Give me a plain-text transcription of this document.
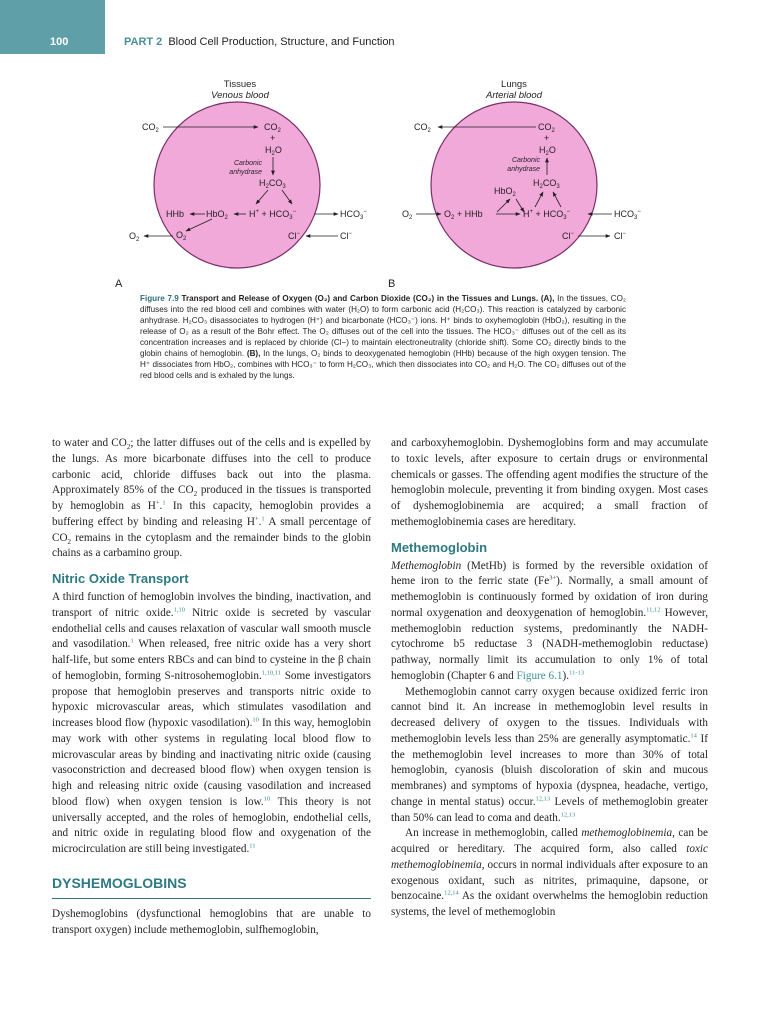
100	PART 2 Blood Cell Production, Structure, and Function
Tissues
Venous blood
$CO_2$	$CO_2$
+
$H_2O$
Carbonic
anhydrase
$H_2CO_3$
HHb HbO$_2$ $H^+ + HCO_3^-$	$HCO_3^-$
$O_2$
$O_2$	Cl−	Cl−
A
Lungs
Arterial blood
$CO_2$	$CO_2$
+
$H_2O$
Carbonic
anhydrase
$H_2CO_3$
HbO$_2$
$O_2$	$O_2$ + HHb	$H^+ + HCO_3^-$	$HCO_3^-$
Cl−	Cl−
B
Figure 7.9 Transport and Release of Oxygen (O₂) and Carbon Dioxide (CO₂) in the Tissues and Lungs. (A), In the tissues, CO₂ diffuses into the red blood cell and combines with water (H₂O) to form carbonic acid (H₂CO₃). This reaction is catalyzed by carbonic anhydrase. H₂CO₃ disassociates to hydrogen (H⁺) and bicarbonate (HCO₃⁻) ions. H⁺ binds to oxyhemoglobin (HbO₂), resulting in the release of O₂ as a result of the Bohr effect. The O₂ diffuses out of the cell into the tissues. The HCO₃⁻ diffuses out of the cell as its concentration increases and is replaced by chloride (Cl−) to maintain electroneutrality (chloride shift). Some CO₂ directly binds to the globin chains of hemoglobin. (B), In the lungs, O₂ binds to deoxygenated hemoglobin (HHb) because of the high oxygen tension. The H⁺ dissociates from HbO₂, combines with HCO₃⁻ to form H₂CO₃, which then dissociates into CO₂ and H₂O. The CO₂ diffuses out of the red blood cells and is exhaled by the lungs.

to water and $CO_2$; the latter diffuses out of the cells and is expelled by the lungs. As more bicarbonate diffuses into the cell to produce carbonic acid, chloride diffuses back out into the plasma. Approximately 85% of the $CO_2$ produced in the tissues is transported by hemoglobin as H+.$^1$ In this capacity, hemoglobin provides a buffering effect by binding and releasing H+.$^1$ A small percentage of $CO_2$ remains in the cytoplasm and the remainder binds to the globin chains as a carbamino group.

Nitric Oxide Transport

A third function of hemoglobin involves the binding, inactivation, and transport of nitric oxide.$^{1,10}$ Nitric oxide is secreted by vascular endothelial cells and causes relaxation of vascular wall smooth muscle and vasodilation.$^1$ When released, free nitric oxide has a very short half-life, but some enters RBCs and can bind to cysteine in the β chain of hemoglobin, forming S-nitrosohemoglobin.$^{1,10,11}$ Some investigators propose that hemoglobin preserves and transports nitric oxide to hypoxic microvascular areas, which stimulates vasodilation and increases blood flow (hypoxic vasodilation).$^{10}$ In this way, hemoglobin may work with other systems in regulating local blood flow to microvascular areas by binding and inactivating nitric oxide (causing vasoconstriction and decreased blood flow) when oxygen tension is high and releasing nitric oxide (causing vasodilation and increased blood flow) when oxygen tension is low.$^{10}$ This theory is not universally accepted, and the roles of hemoglobin, endothelial cells, and nitric oxide in regulating blood flow and oxygenation of the microcirculation are still being investigated.$^{11}$

DYSHEMOGLOBINS

Dyshemoglobins (dysfunctional hemoglobins that are unable to transport oxygen) include methemoglobin, sulfhemoglobin,

and carboxyhemoglobin. Dyshemoglobins form and may accumulate to toxic levels, after exposure to certain drugs or environmental chemicals or gasses. The offending agent modifies the structure of the hemoglobin molecule, preventing it from binding oxygen. Most cases of dyshemoglobinemia are acquired; a small fraction of methemoglobinemia cases are hereditary.

Methemoglobin

Methemoglobin (MetHb) is formed by the reversible oxidation of heme iron to the ferric state $(Fe^{3+})$. Normally, a small amount of methemoglobin is continuously formed by oxidation of iron during normal oxygenation and deoxygenation of hemoglobin.$^{11,12}$ However, methemoglobin reduction systems, predominantly the NADH-cytochrome b5 reductase 3 (NADH-methemoglobin reductase) pathway, normally limit its accumulation to only 1% of total hemoglobin (Chapter 6 and Figure 6.1).$^{11-13}$

Methemoglobin cannot carry oxygen because oxidized ferric iron cannot bind it. An increase in methemoglobin level results in decreased delivery of oxygen to the tissues. Individuals with methemoglobin levels less than 25% are generally asymptomatic.$^{14}$ If the methemoglobin level increases to more than 30% of total hemoglobin, cyanosis (bluish discoloration of skin and mucous membranes) and symptoms of hypoxia (dyspnea, headache, vertigo, change in mental status) occur.$^{12,13}$ Levels of methemoglobin greater than 50% can lead to coma and death.$^{12,13}$

An increase in methemoglobin, called methemoglobinemia, can be acquired or hereditary. The acquired form, also called toxic methemoglobinemia, occurs in normal individuals after exposure to an exogenous oxidant, such as nitrites, primaquine, dapsone, or benzocaine.$^{12,14}$ As the oxidant overwhelms the hemoglobin reduction systems, the level of methemoglobin
